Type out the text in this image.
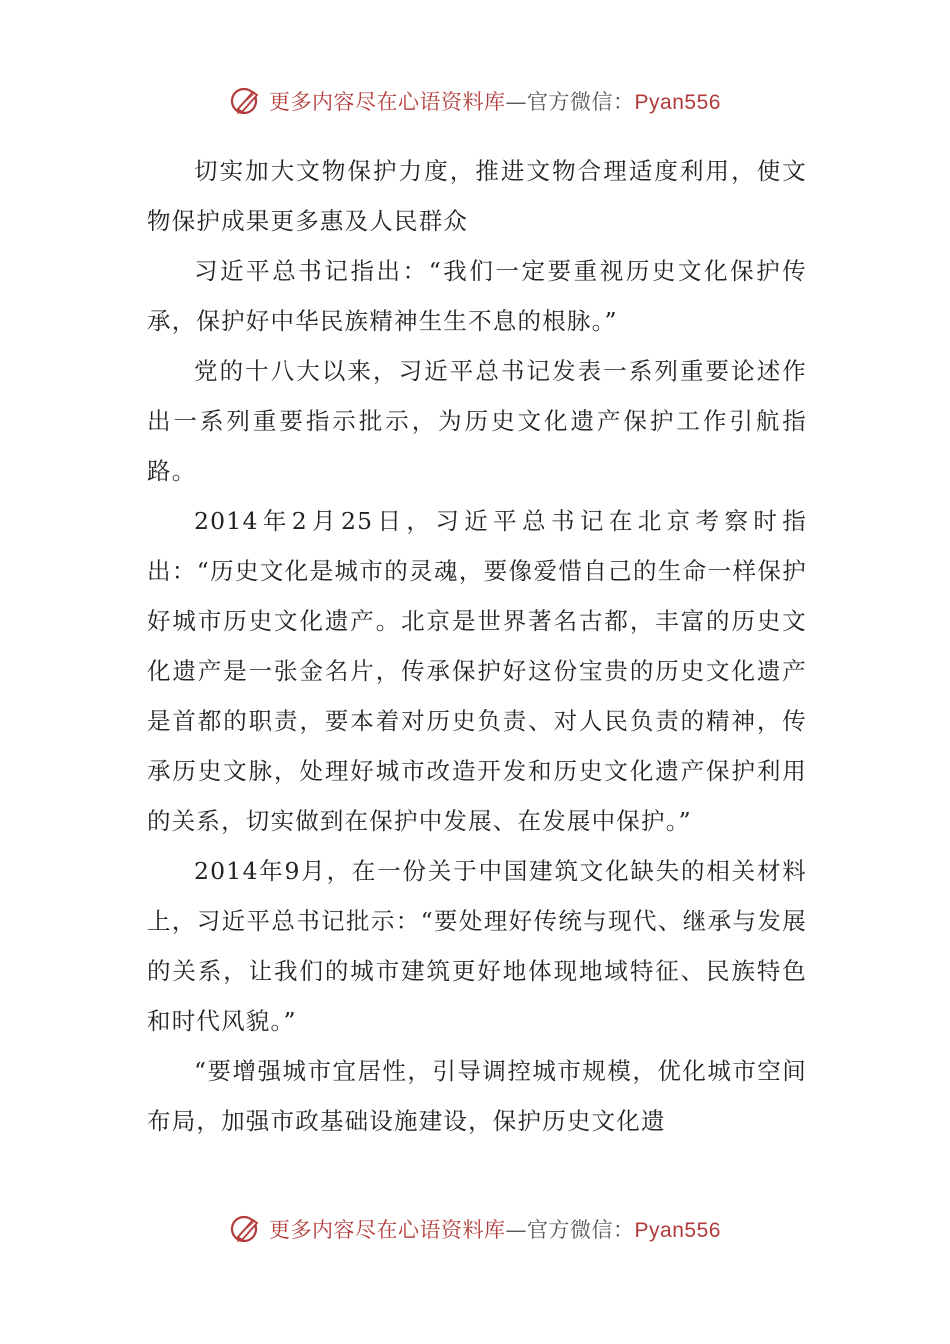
更多内容尽在心语资料库—官方微信：Pyan556

切实加大文物保护力度，推进文物合理适度利用，使文物保护成果更多惠及人民群众

习近平总书记指出：“我们一定要重视历史文化保护传承，保护好中华民族精神生生不息的根脉。”

党的十八大以来，习近平总书记发表一系列重要论述作出一系列重要指示批示，为历史文化遗产保护工作引航指路。

2014年2月25日，习近平总书记在北京考察时指出：“历史文化是城市的灵魂，要像爱惜自己的生命一样保护好城市历史文化遗产。北京是世界著名古都，丰富的历史文化遗产是一张金名片，传承保护好这份宝贵的历史文化遗产是首都的职责，要本着对历史负责、对人民负责的精神，传承历史文脉，处理好城市改造开发和历史文化遗产保护利用的关系，切实做到在保护中发展、在发展中保护。”

2014年9月，在一份关于中国建筑文化缺失的相关材料上，习近平总书记批示：“要处理好传统与现代、继承与发展的关系，让我们的城市建筑更好地体现地域特征、民族特色和时代风貌。”

“要增强城市宜居性，引导调控城市规模，优化城市空间布局，加强市政基础设施建设，保护历史文化遗

更多内容尽在心语资料库—官方微信：Pyan556
